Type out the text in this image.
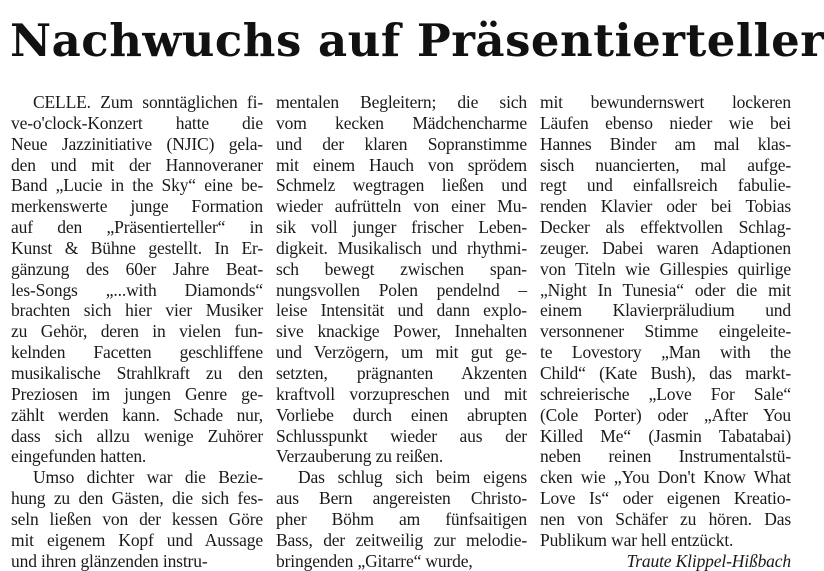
Nachwuchs auf Präsentierteller
CELLE. Zum sonntäglichen fi-
ve-o'clock-Konzert hatte die
Neue Jazzinitiative (NJIC) gela-
den und mit der Hannoveraner
Band „Lucie in the Sky“ eine be-
merkenswerte junge Formation
auf den „Präsentierteller“ in
Kunst & Bühne gestellt. In Er-
gänzung des 60er Jahre Beat-
les-Songs „...with Diamonds“
brachten sich hier vier Musiker
zu Gehör, deren in vielen fun-
kelnden Facetten geschliffene
musikalische Strahlkraft zu den
Preziosen im jungen Genre ge-
zählt werden kann. Schade nur,
dass sich allzu wenige Zuhörer
eingefunden hatten.
Umso dichter war die Bezie-
hung zu den Gästen, die sich fes-
seln ließen von der kessen Göre
mit eigenem Kopf und Aussage
und ihren glänzenden instru-
mentalen Begleitern; die sich
vom kecken Mädchencharme
und der klaren Sopranstimme
mit einem Hauch von sprödem
Schmelz wegtragen ließen und
wieder aufrütteln von einer Mu-
sik voll junger frischer Leben-
digkeit. Musikalisch und rhythmi-
sch bewegt zwischen span-
nungsvollen Polen pendelnd –
leise Intensität und dann explo-
sive knackige Power, Innehalten
und Verzögern, um mit gut ge-
setzten, prägnanten Akzenten
kraftvoll vorzupreschen und mit
Vorliebe durch einen abrupten
Schlusspunkt wieder aus der
Verzauberung zu reißen.
Das schlug sich beim eigens
aus Bern angereisten Christo-
pher Böhm am fünfsaitigen
Bass, der zeitweilig zur melodie-
bringenden „Gitarre“ wurde,
mit bewundernswert lockeren
Läufen ebenso nieder wie bei
Hannes Binder am mal klas-
sisch nuancierten, mal aufge-
regt und einfallsreich fabulie-
renden Klavier oder bei Tobias
Decker als effektvollen Schlag-
zeuger. Dabei waren Adaptionen
von Titeln wie Gillespies quirlige
„Night In Tunesia“ oder die mit
einem Klavierpräludium und
versonnener Stimme eingeleite-
te Lovestory „Man with the
Child“ (Kate Bush), das markt-
schreierische „Love For Sale“
(Cole Porter) oder „After You
Killed Me“ (Jasmin Tabatabai)
neben reinen Instrumentalstü-
cken wie „You Don't Know What
Love Is“ oder eigenen Kreatio-
nen von Schäfer zu hören. Das
Publikum war hell entzückt.
Traute Klippel-Hißbach
